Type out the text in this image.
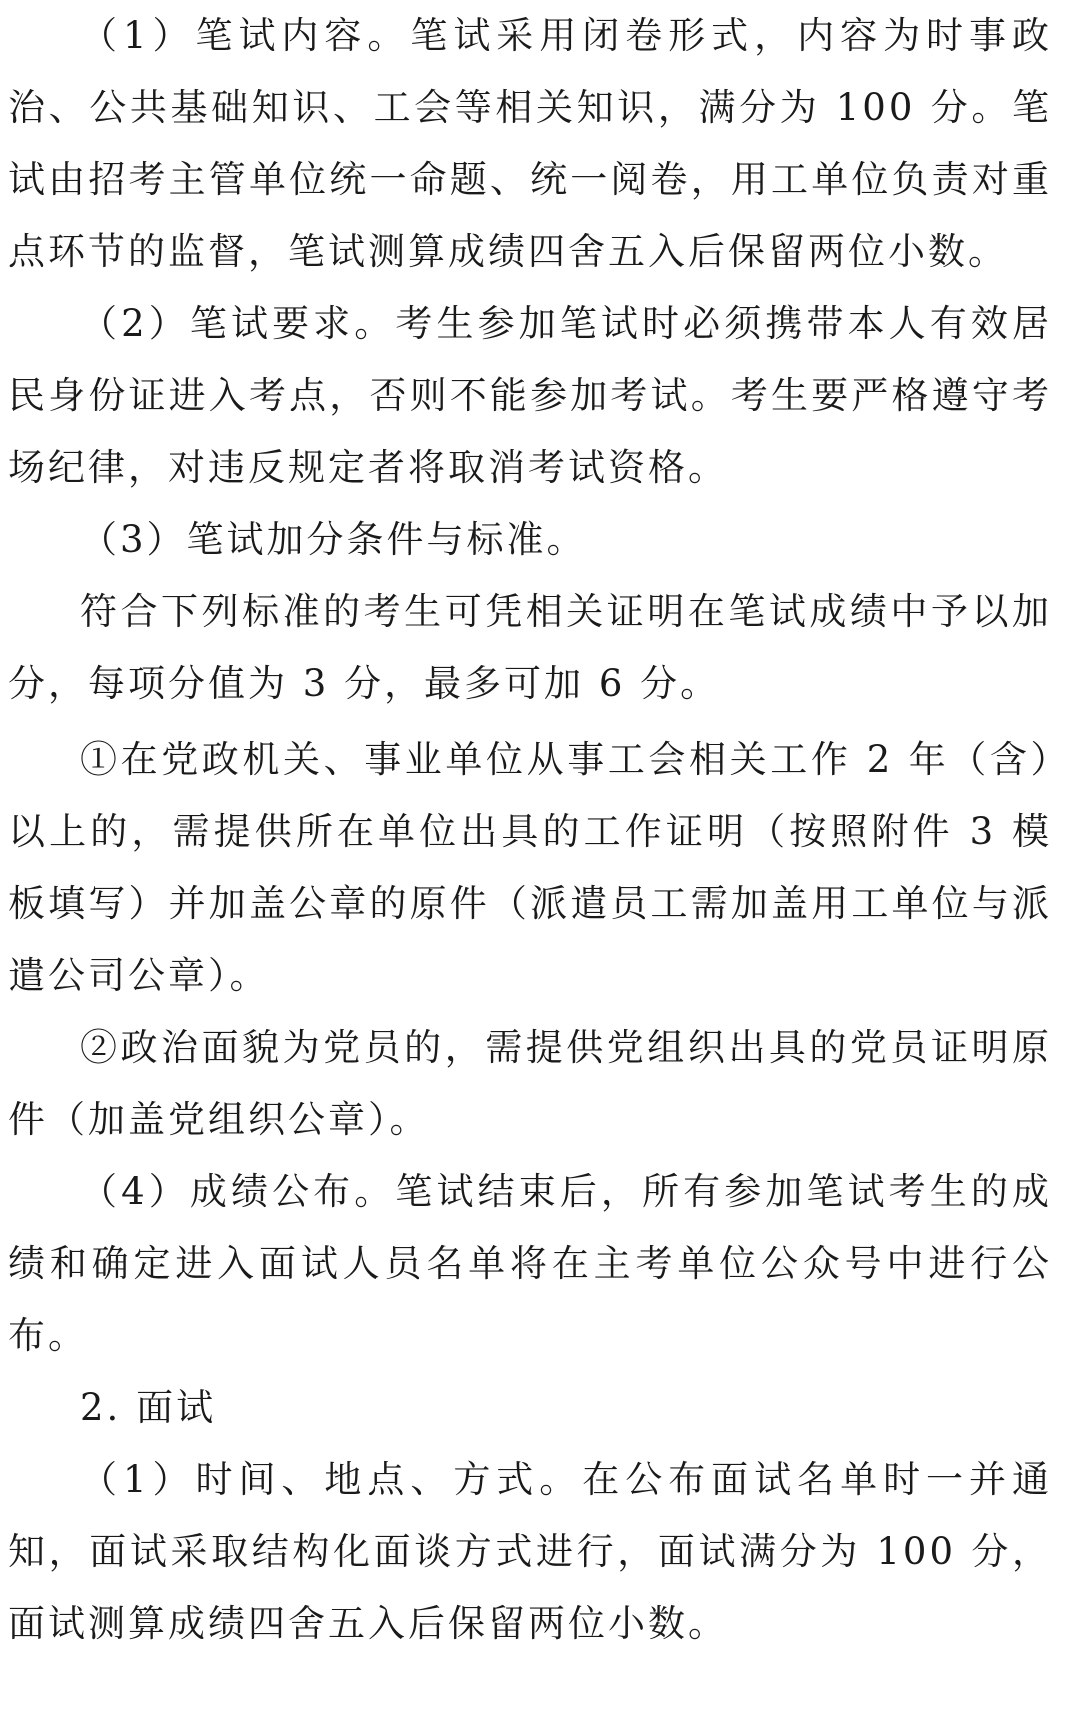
（1）笔试内容。笔试采用闭卷形式，内容为时事政治、公共基础知识、工会等相关知识，满分为 100 分。笔试由招考主管单位统一命题、统一阅卷，用工单位负责对重点环节的监督，笔试测算成绩四舍五入后保留两位小数。

（2）笔试要求。考生参加笔试时必须携带本人有效居民身份证进入考点，否则不能参加考试。考生要严格遵守考场纪律，对违反规定者将取消考试资格。

（3）笔试加分条件与标准。

符合下列标准的考生可凭相关证明在笔试成绩中予以加分，每项分值为 3 分，最多可加 6 分。

①在党政机关、事业单位从事工会相关工作 2 年（含）以上的，需提供所在单位出具的工作证明（按照附件 3 模板填写）并加盖公章的原件（派遣员工需加盖用工单位与派遣公司公章）。

②政治面貌为党员的，需提供党组织出具的党员证明原件（加盖党组织公章）。

（4）成绩公布。笔试结束后，所有参加笔试考生的成绩和确定进入面试人员名单将在主考单位公众号中进行公布。

2. 面试

（1）时间、地点、方式。在公布面试名单时一并通知，面试采取结构化面谈方式进行，面试满分为 100 分，面试测算成绩四舍五入后保留两位小数。
